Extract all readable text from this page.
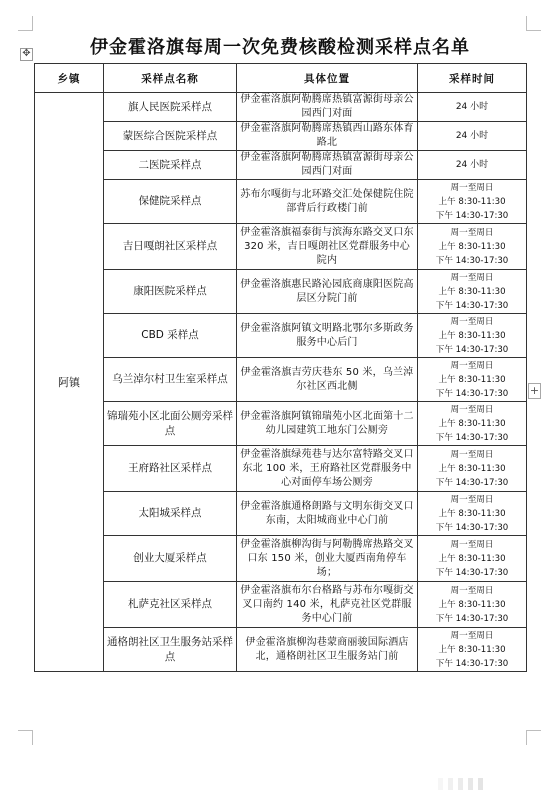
✥
+
伊金霍洛旗每周一次免费核酸检测采样点名单
乡镇	采样点名称	具体位置	采样时间
阿镇	旗人民医院采样点	伊金霍洛旗阿勒腾席热镇富源街母亲公园西门对面	24 小时

	蒙医综合医院采样点	伊金霍洛旗阿勒腾席热镇西山路东体育路北	24 小时

	二医院采样点	伊金霍洛旗阿勒腾席热镇富源街母亲公园西门对面	24 小时

	保健院采样点	苏布尔嘎街与北环路交汇处保健院住院部背后行政楼门前	周一至周日
上午 8:30-11:30
下午 14:30-17:30

	吉日嘎朗社区采样点	伊金霍洛旗福泰街与滨海东路交叉口东 320 米，吉日嘎朗社区党群服务中心院内	周一至周日
上午 8:30-11:30
下午 14:30-17:30

	康阳医院采样点	伊金霍洛旗惠民路沁园底商康阳医院高层区分院门前	周一至周日
上午 8:30-11:30
下午 14:30-17:30

	CBD 采样点	伊金霍洛旗阿镇文明路北鄂尔多斯政务服务中心后门	周一至周日
上午 8:30-11:30
下午 14:30-17:30

	乌兰淖尔村卫生室采样点	伊金霍洛旗吉劳庆巷东 50 米，乌兰淖尔社区西北侧	周一至周日
上午 8:30-11:30
下午 14:30-17:30

	锦瑞苑小区北面公厕旁采样点	伊金霍洛旗阿镇锦瑞苑小区北面第十二幼儿园建筑工地东门公厕旁	周一至周日
上午 8:30-11:30
下午 14:30-17:30

	王府路社区采样点	伊金霍洛旗绿苑巷与达尔富特路交叉口东北 100 米，王府路社区党群服务中心对面停车场公厕旁	周一至周日
上午 8:30-11:30
下午 14:30-17:30

	太阳城采样点	伊金霍洛旗通格朗路与文明东街交叉口东南，太阳城商业中心门前	周一至周日
上午 8:30-11:30
下午 14:30-17:30

	创业大厦采样点	伊金霍洛旗柳沟街与阿勒腾席热路交叉口东 150 米，创业大厦西南角停车场；	周一至周日
上午 8:30-11:30
下午 14:30-17:30

	札萨克社区采样点	伊金霍洛旗布尔台格路与苏布尔嘎街交叉口南约 140 米，札萨克社区党群服务中心门前	周一至周日
上午 8:30-11:30
下午 14:30-17:30

	通格朗社区卫生服务站采样点	伊金霍洛旗柳沟巷蒙商丽骏国际酒店北，通格朗社区卫生服务站门前	周一至周日
上午 8:30-11:30
下午 14:30-17:30
